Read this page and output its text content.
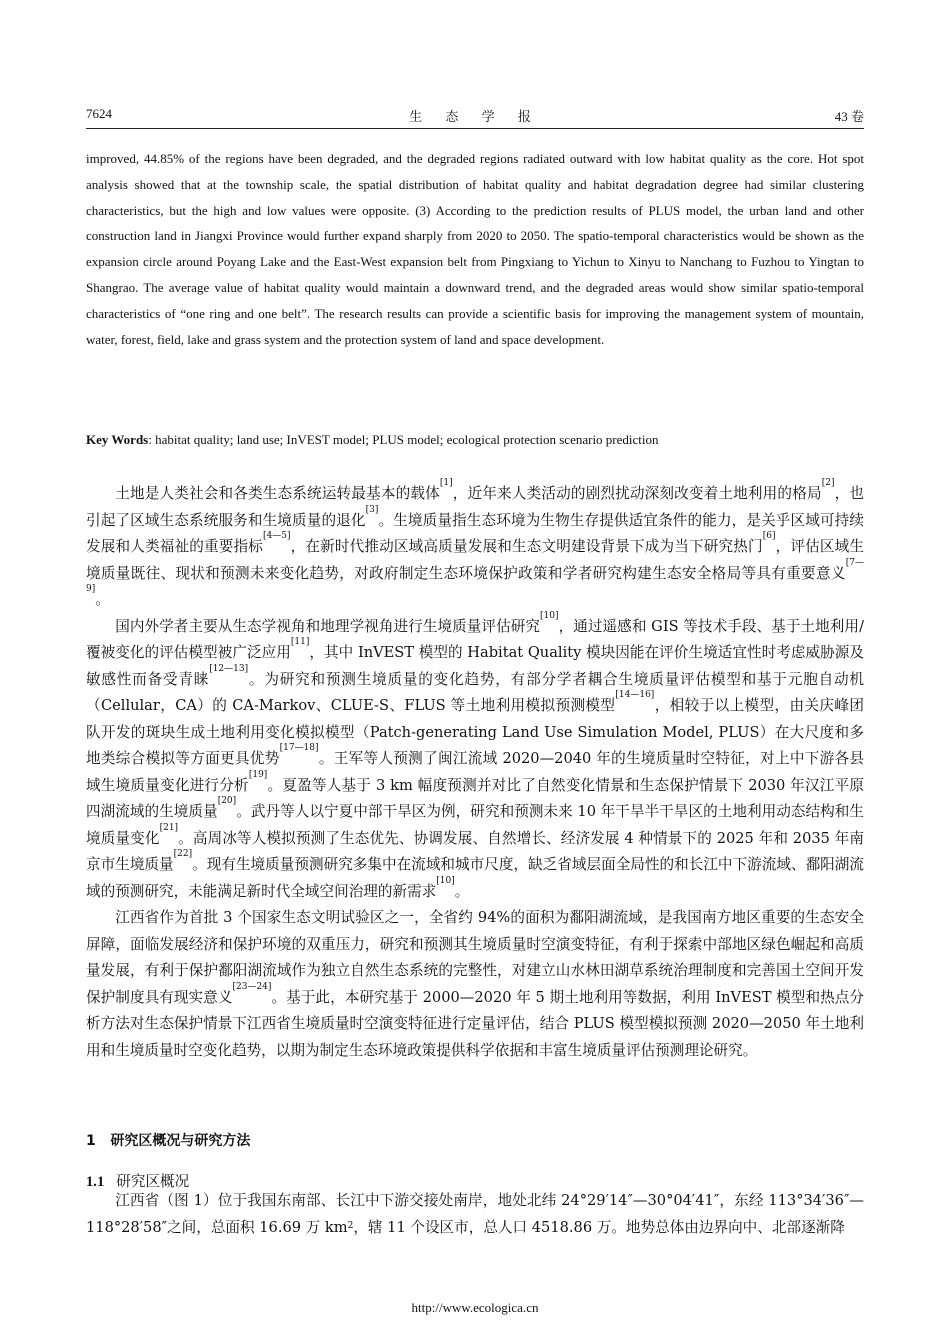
7624	生 态 学 报	43 卷
improved, 44.85% of the regions have been degraded, and the degraded regions radiated outward with low habitat quality as the core. Hot spot analysis showed that at the township scale, the spatial distribution of habitat quality and habitat degradation degree had similar clustering characteristics, but the high and low values were opposite. (3) According to the prediction results of PLUS model, the urban land and other construction land in Jiangxi Province would further expand sharply from 2020 to 2050. The spatio-temporal characteristics would be shown as the expansion circle around Poyang Lake and the East-West expansion belt from Pingxiang to Yichun to Xinyu to Nanchang to Fuzhou to Yingtan to Shangrao. The average value of habitat quality would maintain a downward trend, and the degraded areas would show similar spatio-temporal characteristics of “one ring and one belt”. The research results can provide a scientific basis for improving the management system of mountain, water, forest, field, lake and grass system and the protection system of land and space development.
Key Words: habitat quality; land use; InVEST model; PLUS model; ecological protection scenario prediction

土地是人类社会和各类生态系统运转最基本的载体[1]，近年来人类活动的剧烈扰动深刻改变着土地利用的格局[2]，也引起了区域生态系统服务和生境质量的退化[3]。生境质量指生态环境为生物生存提供适宜条件的能力，是关乎区域可持续发展和人类福祉的重要指标[4—5]，在新时代推动区域高质量发展和生态文明建设背景下成为当下研究热门[6]，评估区域生境质量既往、现状和预测未来变化趋势，对政府制定生态环境保护政策和学者研究构建生态安全格局等具有重要意义[7—9]。

国内外学者主要从生态学视角和地理学视角进行生境质量评估研究[10]，通过遥感和 GIS 等技术手段、基于土地利用/覆被变化的评估模型被广泛应用[11]，其中 InVEST 模型的 Habitat Quality 模块因能在评价生境适宜性时考虑威胁源及敏感性而备受青睐[12—13]。为研究和预测生境质量的变化趋势，有部分学者耦合生境质量评估模型和基于元胞自动机（Cellular，CA）的 CA-Markov、CLUE-S、FLUS 等土地利用模拟预测模型[14—16]，相较于以上模型，由关庆峰团队开发的斑块生成土地利用变化模拟模型（Patch-generating Land Use Simulation Model, PLUS）在大尺度和多地类综合模拟等方面更具优势[17—18]。王军等人预测了闽江流域 2020—2040 年的生境质量时空特征，对上中下游各县域生境质量变化进行分析[19]。夏盈等人基于 3 km 幅度预测并对比了自然变化情景和生态保护情景下 2030 年汉江平原四湖流域的生境质量[20]。武丹等人以宁夏中部干旱区为例，研究和预测未来 10 年干旱半干旱区的土地利用动态结构和生境质量变化[21]。高周冰等人模拟预测了生态优先、协调发展、自然增长、经济发展 4 种情景下的 2025 年和 2035 年南京市生境质量[22]。现有生境质量预测研究多集中在流域和城市尺度，缺乏省域层面全局性的和长江中下游流域、鄱阳湖流域的预测研究，未能满足新时代全域空间治理的新需求[10]。

江西省作为首批 3 个国家生态文明试验区之一，全省约 94%的面积为鄱阳湖流域，是我国南方地区重要的生态安全屏障，面临发展经济和保护环境的双重压力，研究和预测其生境质量时空演变特征，有利于探索中部地区绿色崛起和高质量发展，有利于保护鄱阳湖流域作为独立自然生态系统的完整性，对建立山水林田湖草系统治理制度和完善国土空间开发保护制度具有现实意义[23—24]。基于此，本研究基于 2000—2020 年 5 期土地利用等数据，利用 InVEST 模型和热点分析方法对生态保护情景下江西省生境质量时空演变特征进行定量评估，结合 PLUS 模型模拟预测 2020—2050 年土地利用和生境质量时空变化趋势，以期为制定生态环境政策提供科学依据和丰富生境质量评估预测理论研究。

1 研究区概况与研究方法
1.1 研究区概况

江西省（图 1）位于我国东南部、长江中下游交接处南岸，地处北纬 24°29′14″—30°04′41″，东经 113°34′36″—118°28′58″之间，总面积 16.69 万 $km^2$，辖 11 个设区市，总人口 4518.86 万。地势总体由边界向中、北部逐渐降

http://www.ecologica.cn
